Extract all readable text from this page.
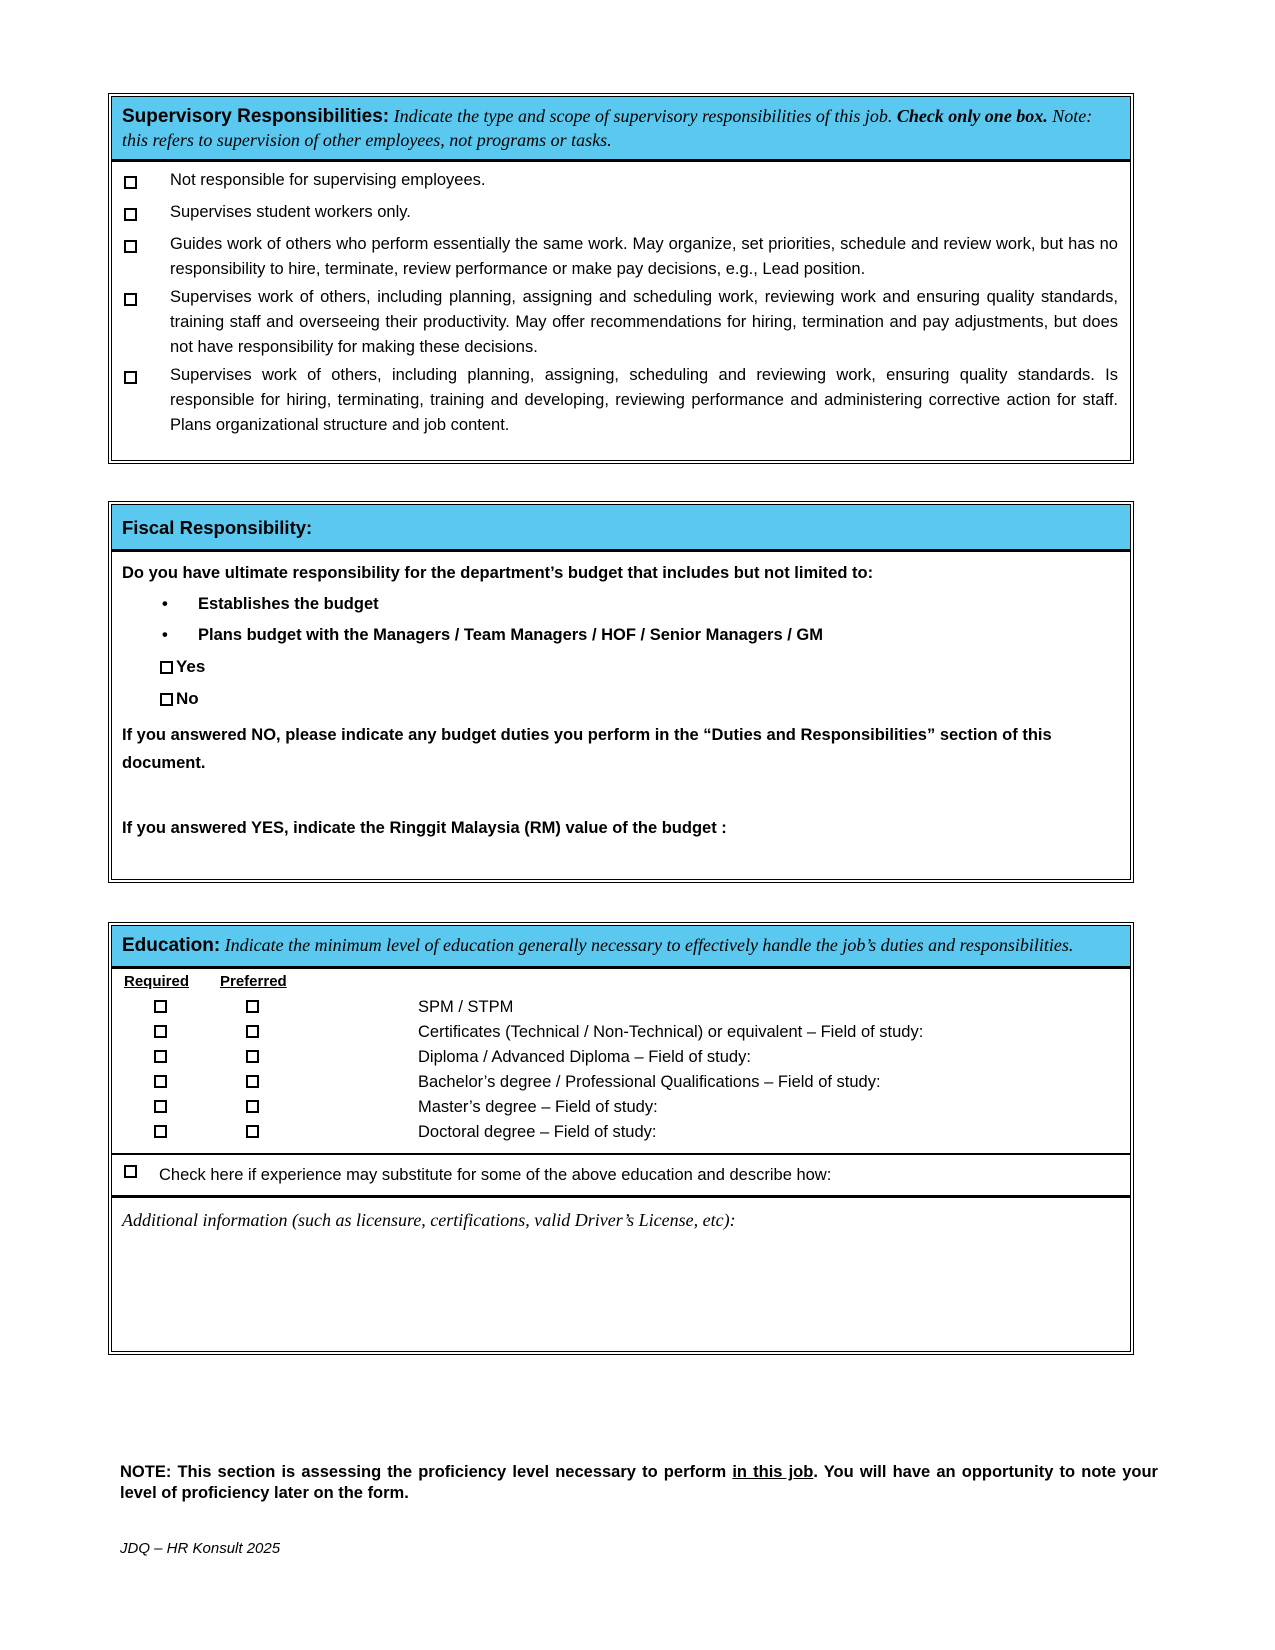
Supervisory Responsibilities: Indicate the type and scope of supervisory responsibilities of this job. Check only one box. Note: this refers to supervision of other employees, not programs or tasks.
Not responsible for supervising employees.
Supervises student workers only.
Guides work of others who perform essentially the same work. May organize, set priorities, schedule and review work, but has no responsibility to hire, terminate, review performance or make pay decisions, e.g., Lead position.
Supervises work of others, including planning, assigning and scheduling work, reviewing work and ensuring quality standards, training staff and overseeing their productivity. May offer recommendations for hiring, termination and pay adjustments, but does not have responsibility for making these decisions.
Supervises work of others, including planning, assigning, scheduling and reviewing work, ensuring quality standards. Is responsible for hiring, terminating, training and developing, reviewing performance and administering corrective action for staff. Plans organizational structure and job content.
Fiscal Responsibility:
Do you have ultimate responsibility for the department’s budget that includes but not limited to:
•	Establishes the budget
•	Plans budget with the Managers / Team Managers / HOF / Senior Managers / GM
Yes
No
If you answered NO, please indicate any budget duties you perform in the “Duties and Responsibilities” section of this document.
If you answered YES, indicate the Ringgit Malaysia (RM) value of the budget :
Education: Indicate the minimum level of education generally necessary to effectively handle the job’s duties and responsibilities.
Required Preferred
SPM / STPM
Certificates (Technical / Non-Technical) or equivalent – Field of study:
Diploma / Advanced Diploma – Field of study:
Bachelor’s degree / Professional Qualifications – Field of study:
Master’s degree – Field of study:
Doctoral degree – Field of study:
Check here if experience may substitute for some of the above education and describe how:
Additional information (such as licensure, certifications, valid Driver’s License, etc):
NOTE: This section is assessing the proficiency level necessary to perform in this job. You will have an opportunity to note your level of proficiency later on the form.
JDQ – HR Konsult 2025
